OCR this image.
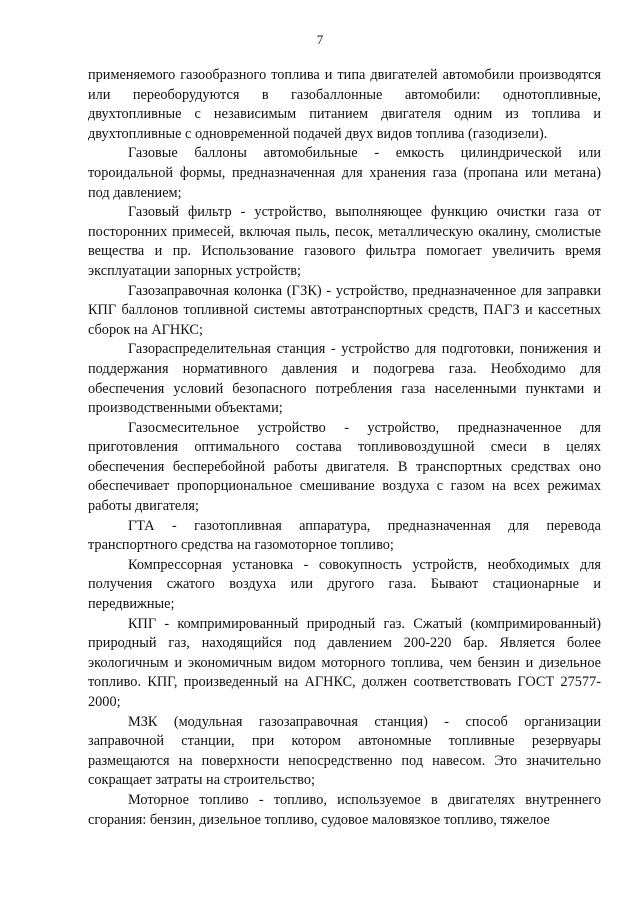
7

применяемого газообразного топлива и типа двигателей автомобили производятся или переоборудуются в газобаллонные автомобили: однотопливные, двухтопливные с независимым питанием двигателя одним из топлива и двухтопливные с одновременной подачей двух видов топлива (газодизели).

Газовые баллоны автомобильные - емкость цилиндрической или тороидальной формы, предназначенная для хранения газа (пропана или метана) под давлением;

Газовый фильтр - устройство, выполняющее функцию очистки газа от посторонних примесей, включая пыль, песок, металлическую окалину, смолистые вещества и пр. Использование газового фильтра помогает увеличить время эксплуатации запорных устройств;

Газозаправочная колонка (ГЗК) - устройство, предназначенное для заправки КПГ баллонов топливной системы автотранспортных средств, ПАГЗ и кассетных сборок на АГНКС;

Газораспределительная станция - устройство для подготовки, понижения и поддержания нормативного давления и подогрева газа. Необходимо для обеспечения условий безопасного потребления газа населенными пунктами и производственными объектами;

Газосмесительное устройство - устройство, предназначенное для приготовления оптимального состава топливовоздушной смеси в целях обеспечения бесперебойной работы двигателя. В транспортных средствах оно обеспечивает пропорциональное смешивание воздуха с газом на всех режимах работы двигателя;

ГТА - газотопливная аппаратура, предназначенная для перевода транспортного средства на газомоторное топливо;

Компрессорная установка - совокупность устройств, необходимых для получения сжатого воздуха или другого газа. Бывают стационарные и передвижные;

КПГ - компримированный природный газ. Сжатый (компримированный) природный газ, находящийся под давлением 200-220 бар. Является более экологичным и экономичным видом моторного топлива, чем бензин и дизельное топливо. КПГ, произведенный на АГНКС, должен соответствовать ГОСТ 27577-2000;

МЗК (модульная газозаправочная станция) - способ организации заправочной станции, при котором автономные топливные резервуары размещаются на поверхности непосредственно под навесом. Это значительно сокращает затраты на строительство;

Моторное топливо - топливо, используемое в двигателях внутреннего сгорания: бензин, дизельное топливо, судовое маловязкое топливо, тяжелое
